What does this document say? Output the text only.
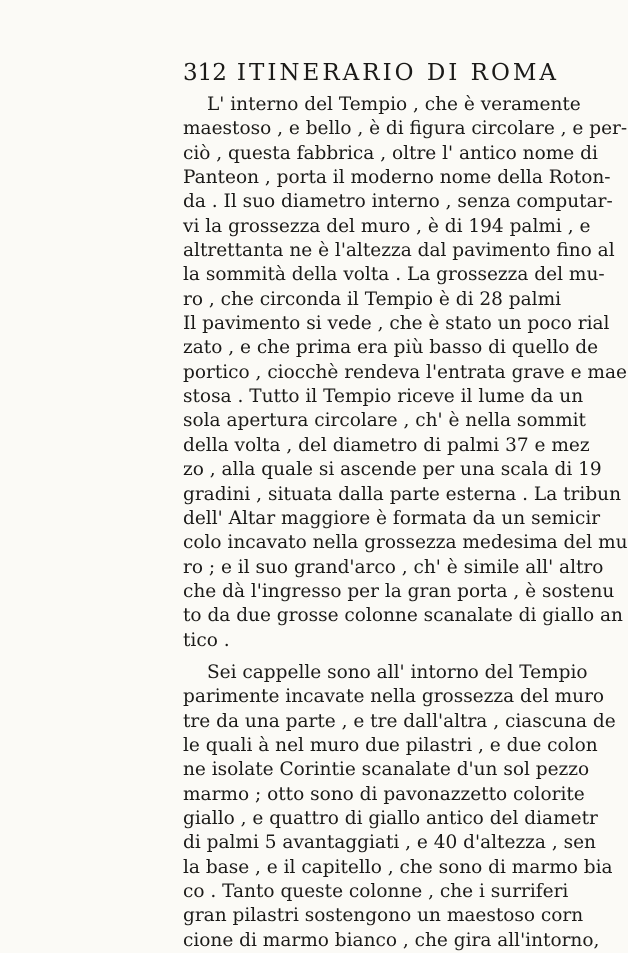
312 ITINERARIO DI ROMA
L' interno del Tempio , che è veramente
maestoso , e bello , è di figura circolare , e per-
ciò , questa fabbrica , oltre l' antico nome di
Panteon , porta il moderno nome della Roton-
da . Il suo diametro interno , senza computar-
vi la grossezza del muro , è di 194 palmi , e
altrettanta ne è l'altezza dal pavimento fino al
la sommità della volta . La grossezza del mu-
ro , che circonda il Tempio è di 28 palmi
Il pavimento si vede , che è stato un poco rial
zato , e che prima era più basso di quello de
portico , ciocchè rendeva l'entrata grave e mae
stosa . Tutto il Tempio riceve il lume da un
sola apertura circolare , ch' è nella sommit
della volta , del diametro di palmi 37 e mez
zo , alla quale si ascende per una scala di 19
gradini , situata dalla parte esterna . La tribun
dell' Altar maggiore è formata da un semicir
colo incavato nella grossezza medesima del mu
ro ; e il suo grand'arco , ch' è simile all' altro
che dà l'ingresso per la gran porta , è sostenu
to da due grosse colonne scanalate di giallo an
tico .
Sei cappelle sono all' intorno del Tempio
parimente incavate nella grossezza del muro
tre da una parte , e tre dall'altra , ciascuna de
le quali à nel muro due pilastri , e due colon
ne isolate Corintie scanalate d'un sol pezzo
marmo ; otto sono di pavonazzetto colorite
giallo , e quattro di giallo antico del diametr
di palmi 5 avantaggiati , e 40 d'altezza , sen
la base , e il capitello , che sono di marmo bia
co . Tanto queste colonne , che i surriferi
gran pilastri sostengono un maestoso corn
cione di marmo bianco , che gira all'intorno,
